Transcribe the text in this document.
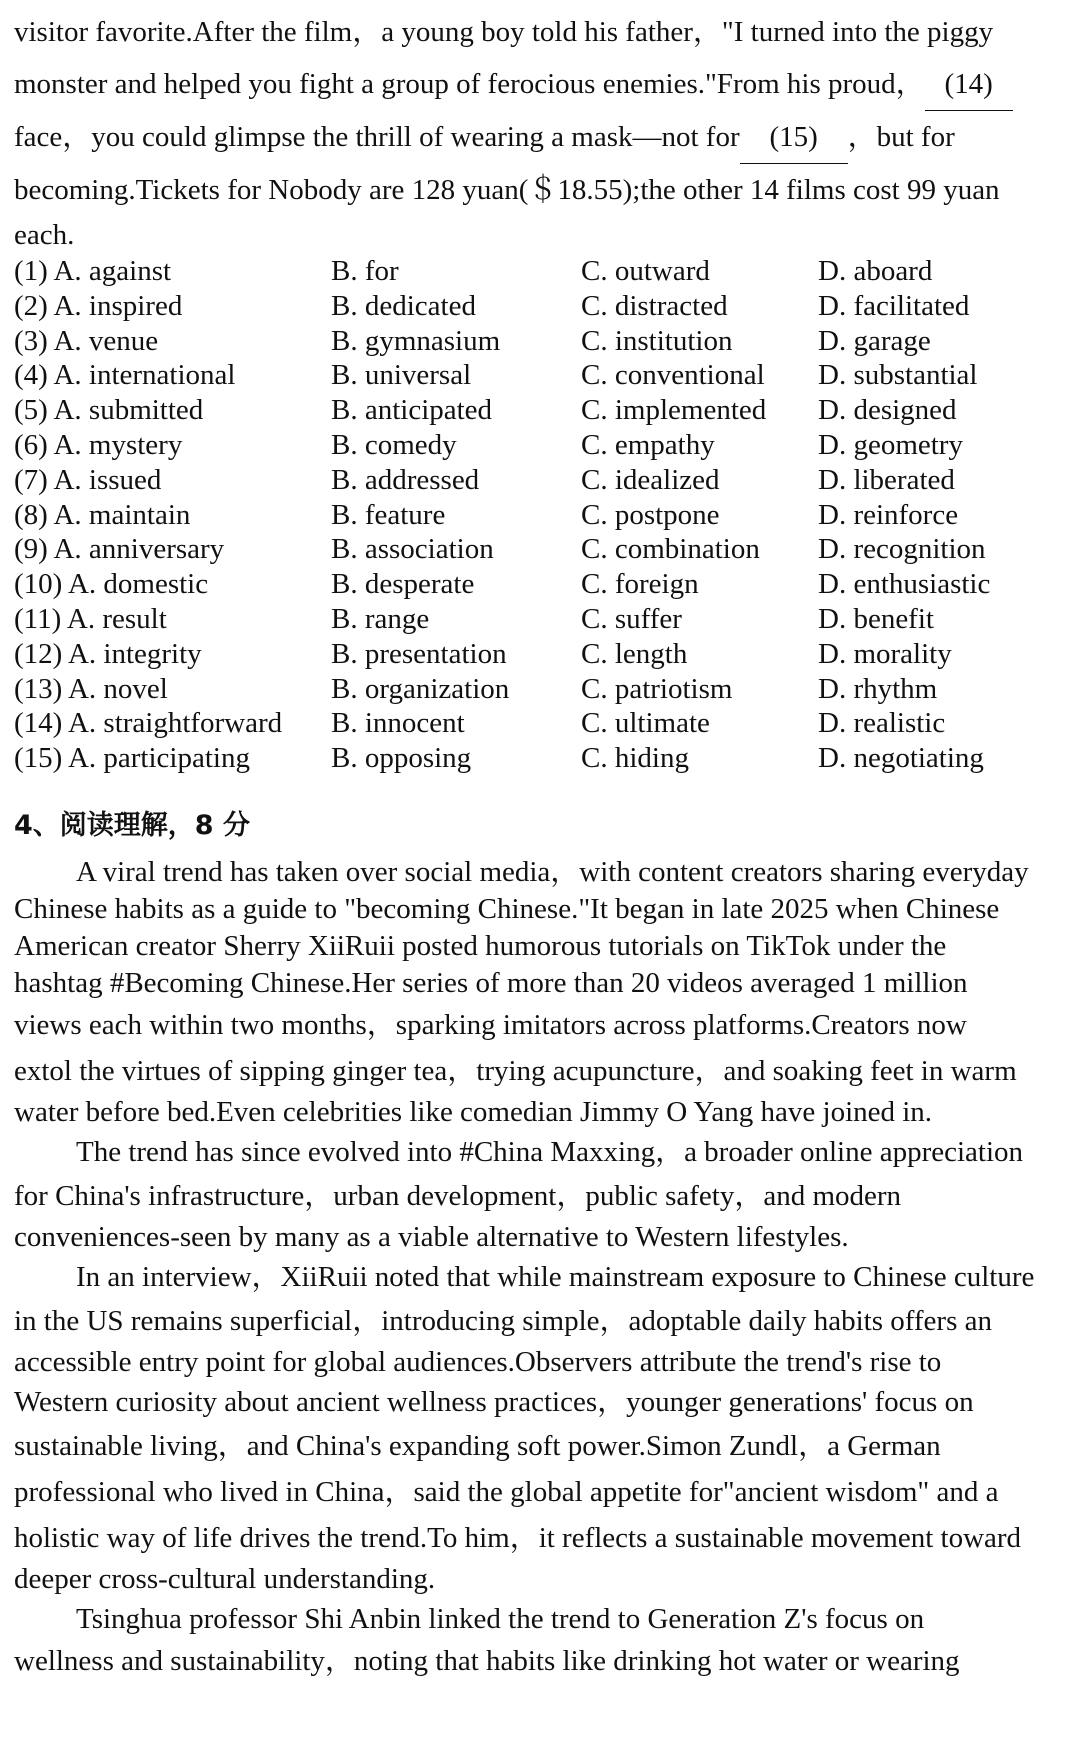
visitor favorite.After the film，a young boy told his father，"I turned into the piggy

monster and helped you fight a group of ferocious enemies."From his proud， (14)

face，you could glimpse the thrill of wearing a mask—not for (15) ，but for

becoming.Tickets for Nobody are 128 yuan(＄18.55);the other 14 films cost 99 yuan

each.

(1) A. against	B. for	C. outward	D. aboard
(2) A. inspired	B. dedicated	C. distracted	D. facilitated
(3) A. venue	B. gymnasium	C. institution	D. garage
(4) A. international	B. universal	C. conventional	D. substantial
(5) A. submitted	B. anticipated	C. implemented	D. designed
(6) A. mystery	B. comedy	C. empathy	D. geometry
(7) A. issued	B. addressed	C. idealized	D. liberated
(8) A. maintain	B. feature	C. postpone	D. reinforce
(9) A. anniversary	B. association	C. combination	D. recognition
(10) A. domestic	B. desperate	C. foreign	D. enthusiastic
(11) A. result	B. range	C. suffer	D. benefit
(12) A. integrity	B. presentation	C. length	D. morality
(13) A. novel	B. organization	C. patriotism	D. rhythm
(14) A. straightforward	B. innocent	C. ultimate	D. realistic
(15) A. participating	B. opposing	C. hiding	D. negotiating
4、阅读理解，8 分

A viral trend has taken over social media，with content creators sharing everyday
Chinese habits as a guide to "becoming Chinese."It began in late 2025 when Chinese
American creator Sherry XiiRuii posted humorous tutorials on TikTok under the
hashtag #Becoming Chinese.Her series of more than 20 videos averaged 1 million
views each within two months，sparking imitators across platforms.Creators now
extol the virtues of sipping ginger tea，trying acupuncture，and soaking feet in warm
water before bed.Even celebrities like comedian Jimmy O Yang have joined in.

The trend has since evolved into #China Maxxing，a broader online appreciation
for China's infrastructure，urban development，public safety，and modern
conveniences-seen by many as a viable alternative to Western lifestyles.

In an interview，XiiRuii noted that while mainstream exposure to Chinese culture
in the US remains superficial，introducing simple，adoptable daily habits offers an
accessible entry point for global audiences.Observers attribute the trend's rise to
Western curiosity about ancient wellness practices，younger generations' focus on
sustainable living，and China's expanding soft power.Simon Zundl，a German
professional who lived in China，said the global appetite for"ancient wisdom" and a
holistic way of life drives the trend.To him，it reflects a sustainable movement toward
deeper cross-cultural understanding.

Tsinghua professor Shi Anbin linked the trend to Generation Z's focus on
wellness and sustainability，noting that habits like drinking hot water or wearing
